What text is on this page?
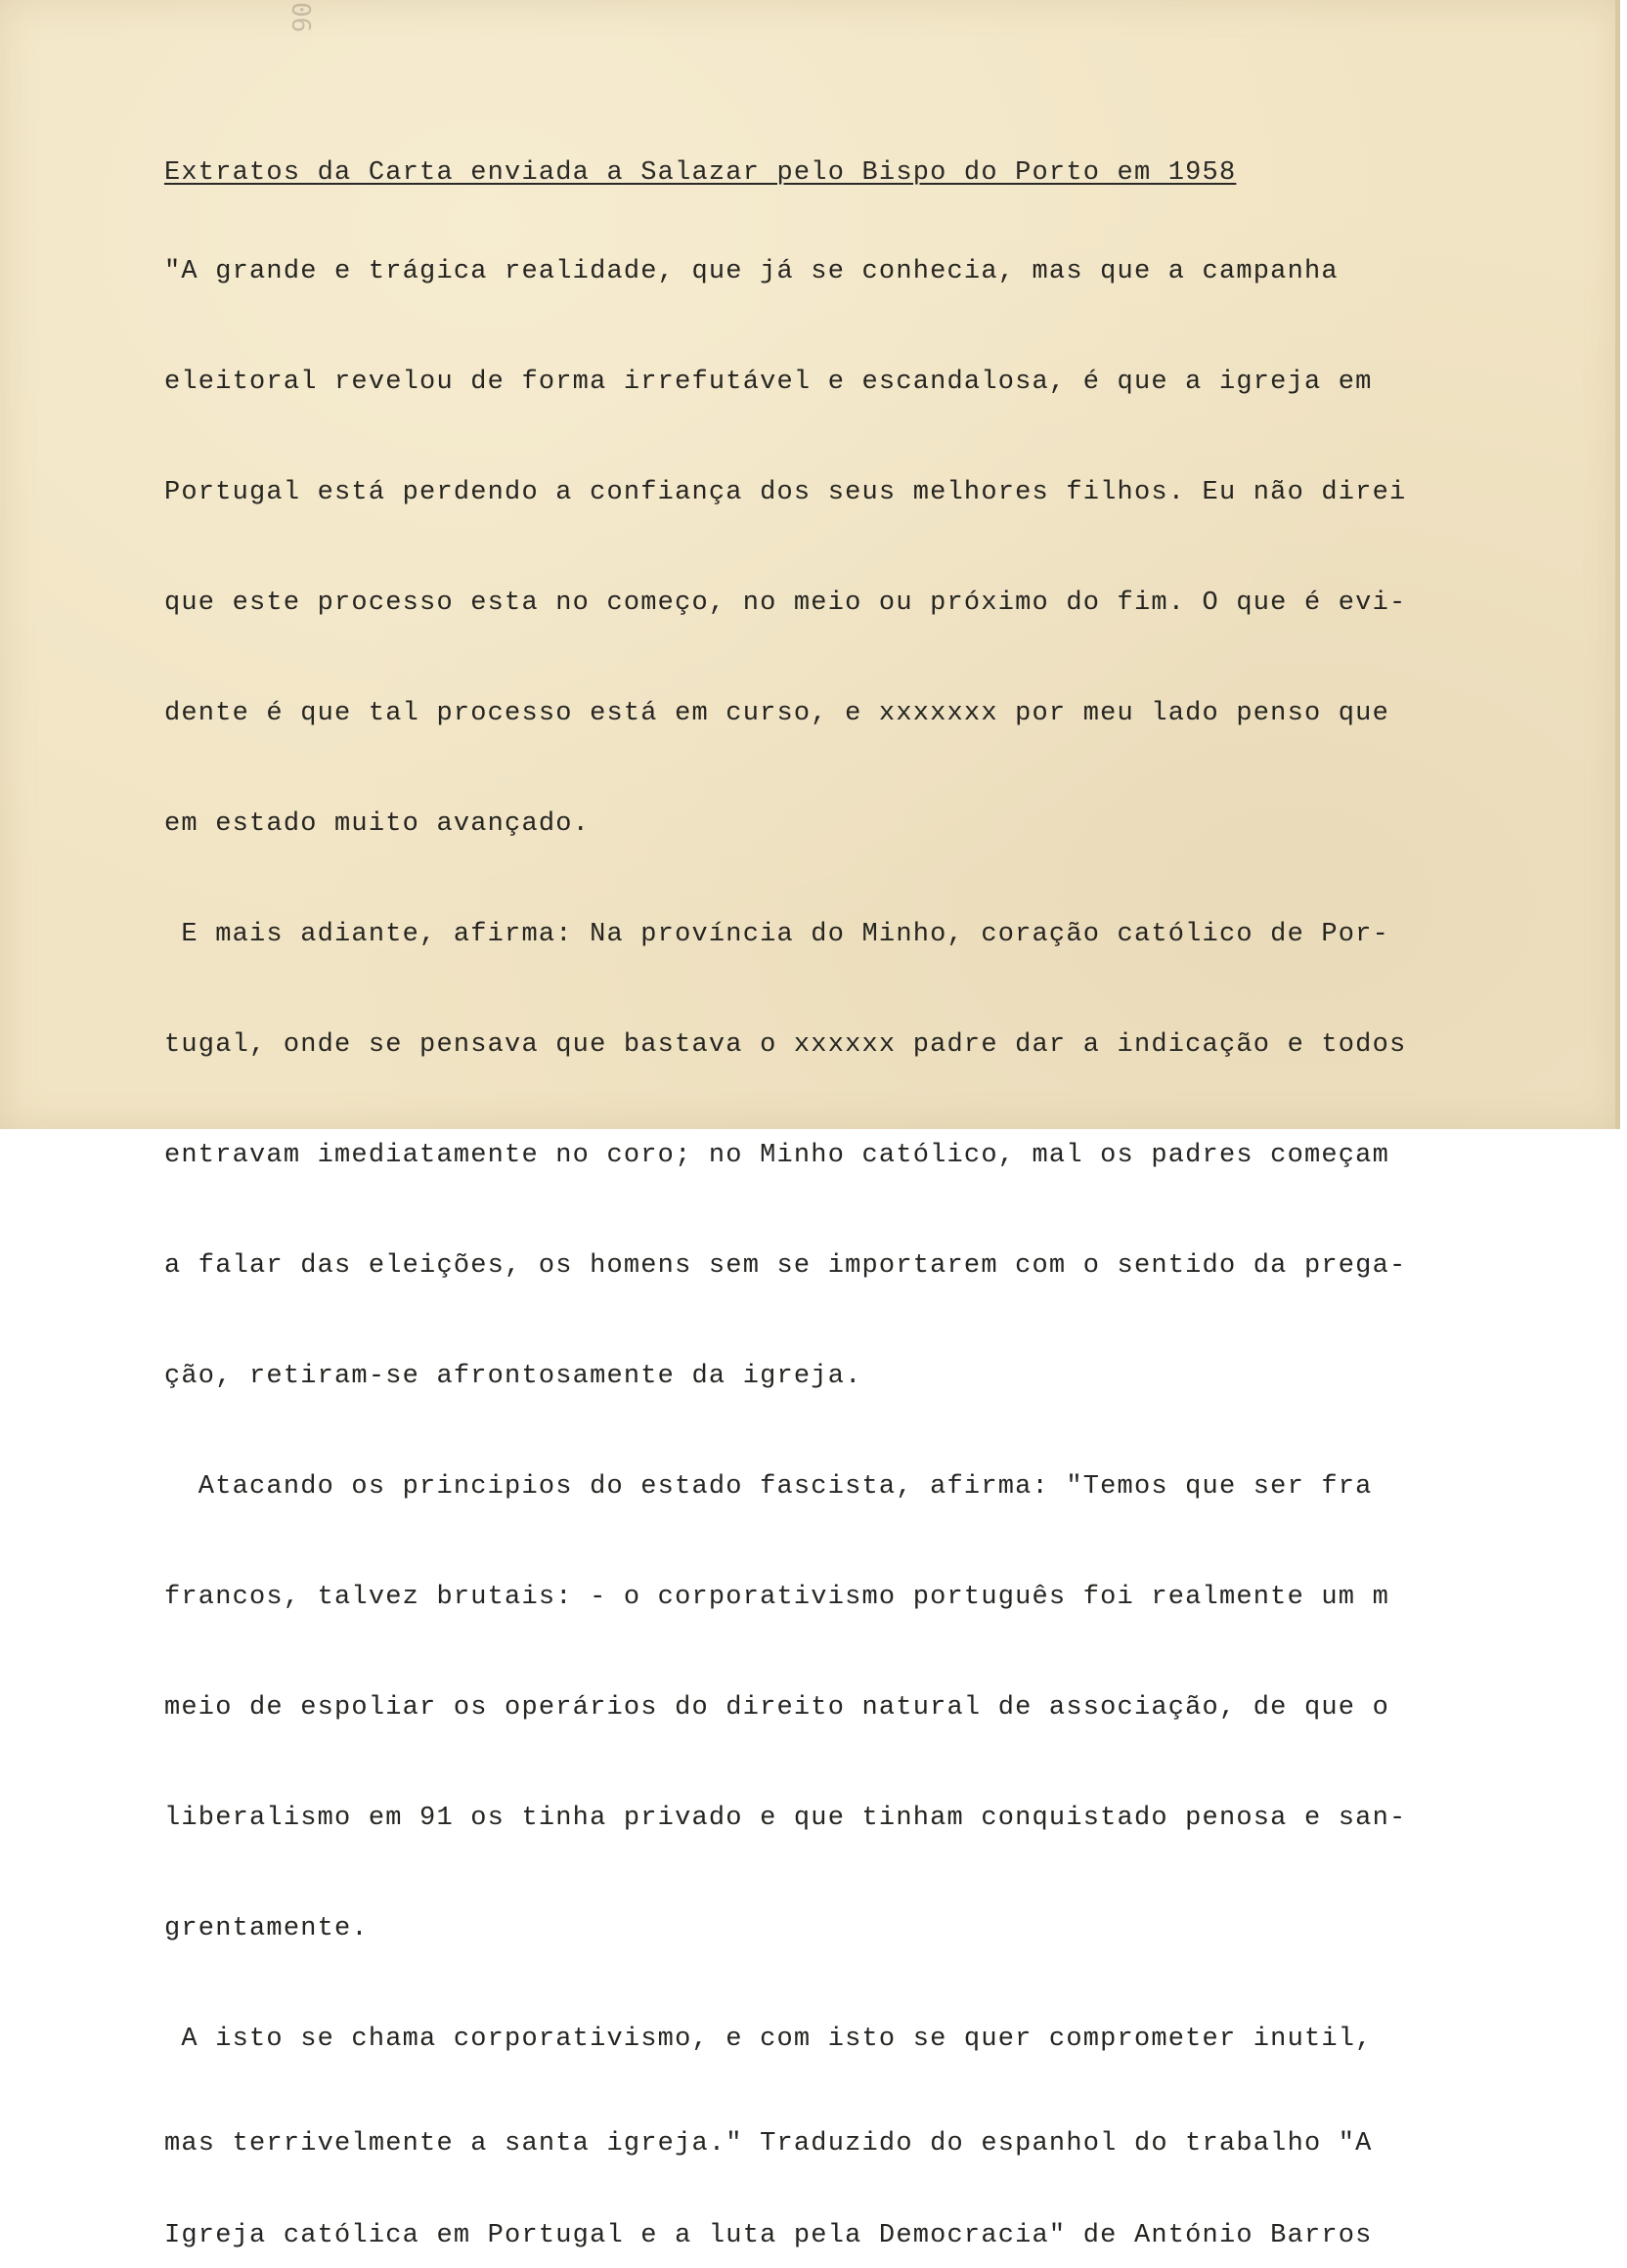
06

Extratos da Carta enviada a Salazar pelo Bispo do Porto em 1958

"A grande e trágica realidade, que já se conhecia, mas que a campanha

eleitoral revelou de forma irrefutável e escandalosa, é que a igreja em

Portugal está perdendo a confiança dos seus melhores filhos. Eu não direi

que este processo esta no começo, no meio ou próximo do fim. O que é evi-

dente é que tal processo está em curso, e xxxxxxx por meu lado penso que

em estado muito avançado.

E mais adiante, afirma: Na província do Minho, coração católico de Por-

tugal, onde se pensava que bastava o xxxxxx padre dar a indicação e todos

entravam imediatamente no coro; no Minho católico, mal os padres começam

a falar das eleições, os homens sem se importarem com o sentido da prega-

ção, retiram-se afrontosamente da igreja.

Atacando os principios do estado fascista, afirma: "Temos que ser fra

francos, talvez brutais: - o corporativismo português foi realmente um m

meio de espoliar os operários do direito natural de associação, de que o

liberalismo em 91 os tinha privado e que tinham conquistado penosa e san-

grentamente.

A isto se chama corporativismo, e com isto se quer comprometer inutil,

mas terrivelmente a santa igreja." Traduzido do espanhol do trabalho "A

Igreja católica em Portugal e a luta pela Democracia" de António Barros
